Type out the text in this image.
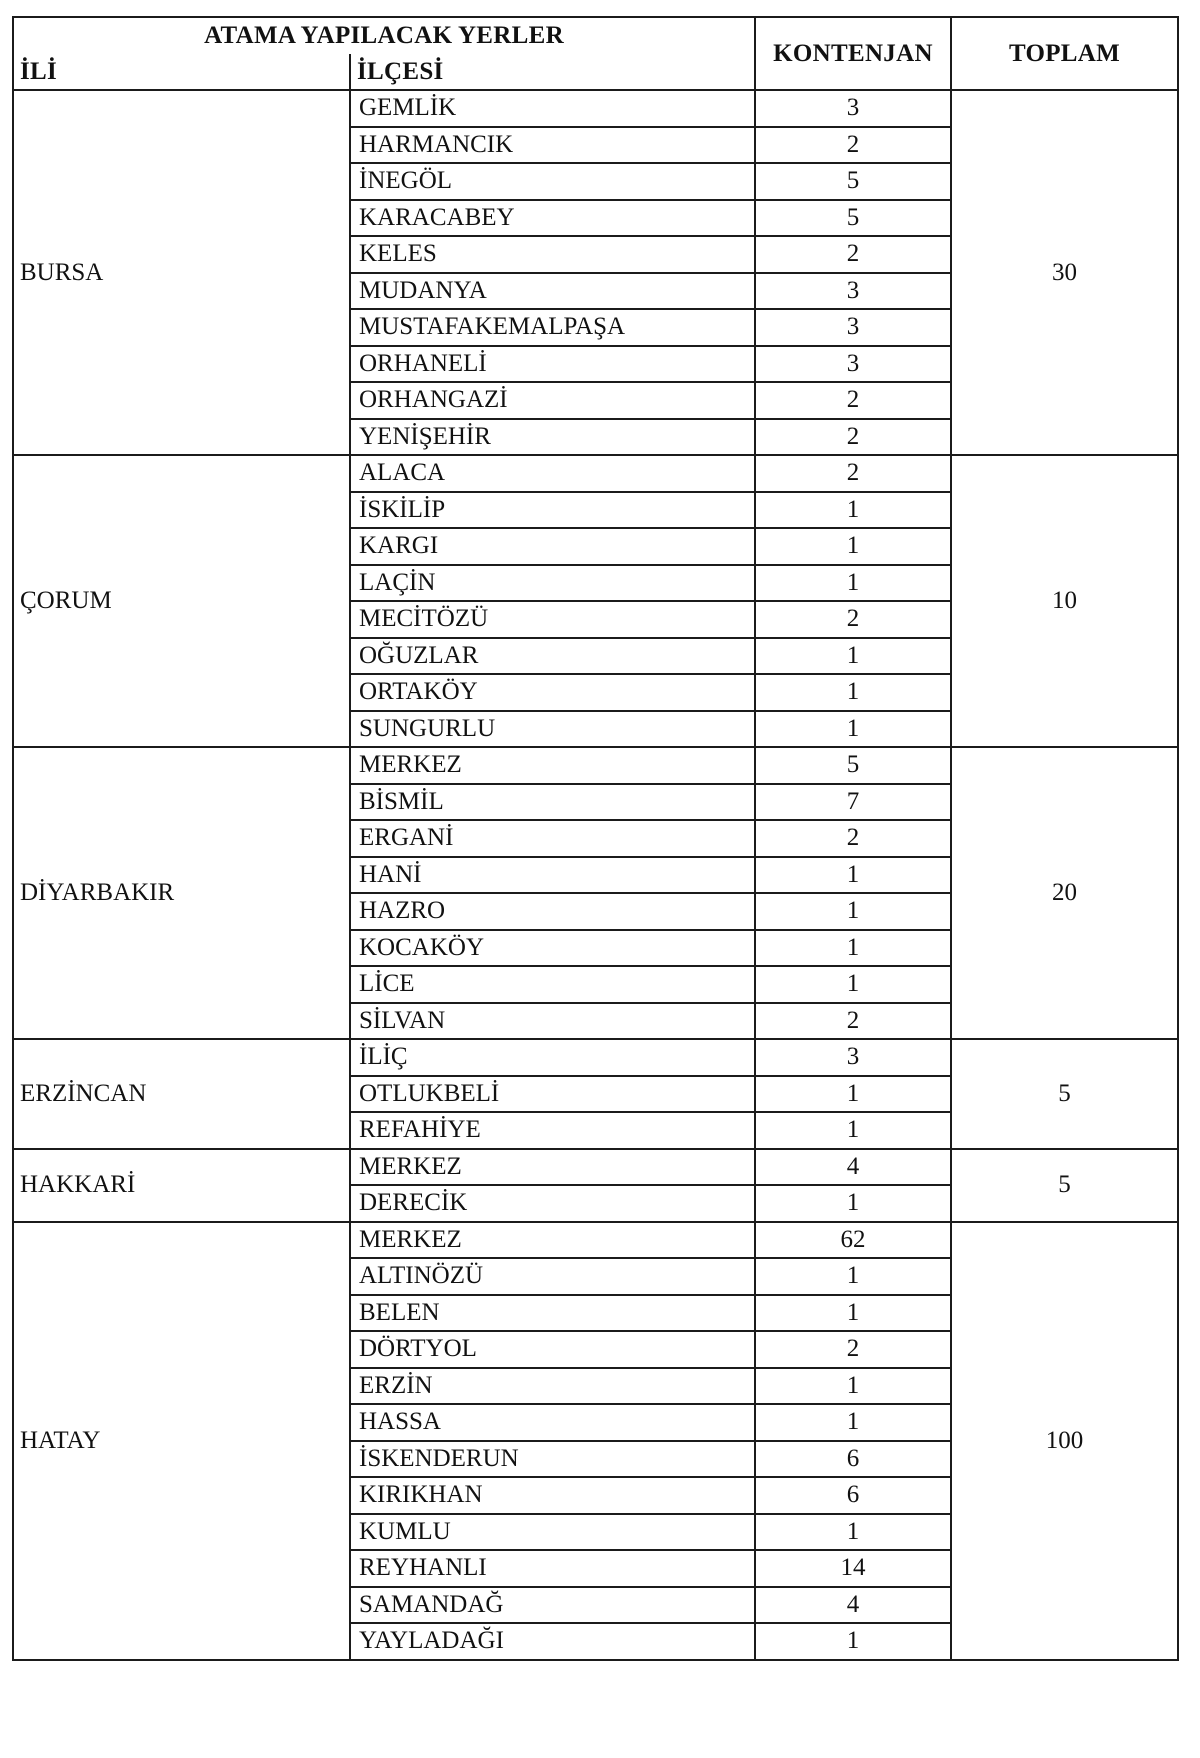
ATAMA YAPILACAK YERLER		KONTENJAN	TOPLAM
İLİ	İLÇESİ		
BURSA	GEMLİK	3	30
	HARMANCIK	2	
	İNEGÖL	5	
	KARACABEY	5	
	KELES	2	
	MUDANYA	3	
	MUSTAFAKEMALPAŞA	3	
	ORHANELİ	3	
	ORHANGAZİ	2	
	YENİŞEHİR	2	
ÇORUM	ALACA	2	10
	İSKİLİP	1	
	KARGI	1	
	LAÇİN	1	
	MECİTÖZÜ	2	
	OĞUZLAR	1	
	ORTAKÖY	1	
	SUNGURLU	1	
DİYARBAKIR	MERKEZ	5	20
	BİSMİL	7	
	ERGANİ	2	
	HANİ	1	
	HAZRO	1	
	KOCAKÖY	1	
	LİCE	1	
	SİLVAN	2	
ERZİNCAN	İLİÇ	3	5
	OTLUKBELİ	1	
	REFAHİYE	1	
HAKKARİ	MERKEZ	4	5
	DERECİK	1	
HATAY	MERKEZ	62	100
	ALTINÖZÜ	1	
	BELEN	1	
	DÖRTYOL	2	
	ERZİN	1	
	HASSA	1	
	İSKENDERUN	6	
	KIRIKHAN	6	
	KUMLU	1	
	REYHANLI	14	
	SAMANDAĞ	4	
	YAYLADAĞI	1	
